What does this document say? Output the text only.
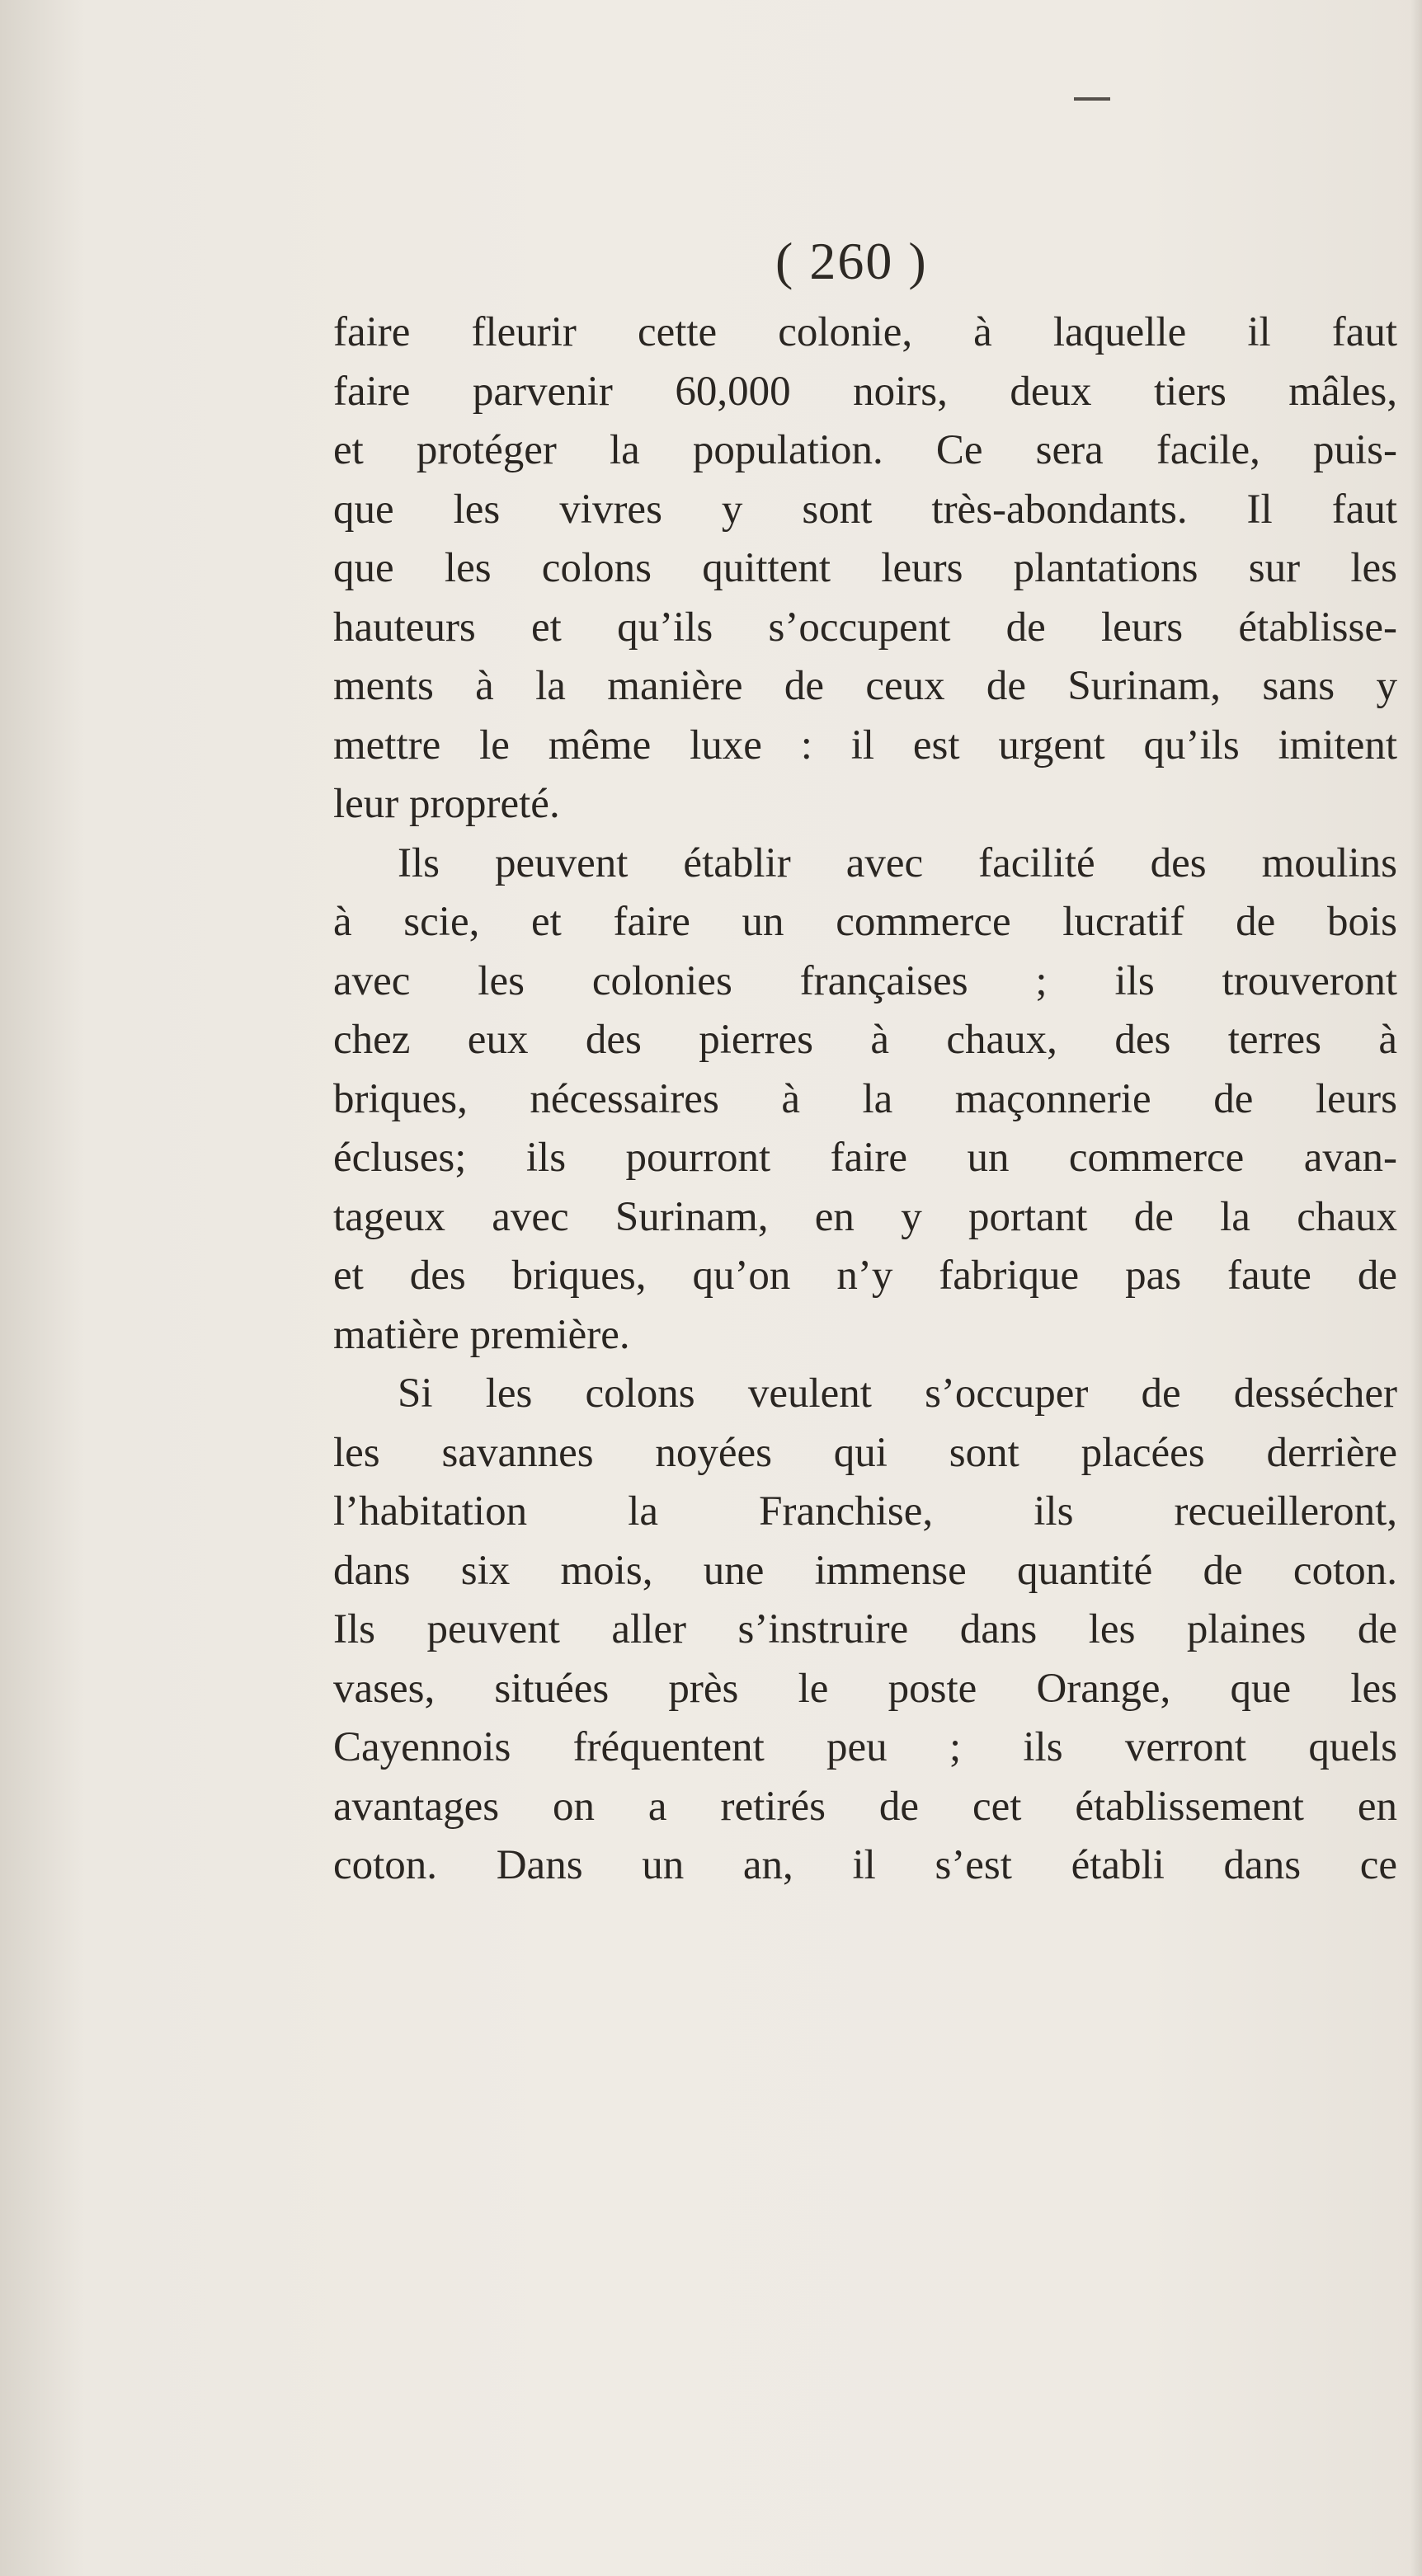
( 260 )
faire fleurir cette colonie, à laquelle il faut
faire parvenir 60,000 noirs, deux tiers mâles,
et protéger la population. Ce sera facile, puis-
que les vivres y sont très-abondants. Il faut
que les colons quittent leurs plantations sur les
hauteurs et qu’ils s’occupent de leurs établisse-
ments à la manière de ceux de Surinam, sans y
mettre le même luxe : il est urgent qu’ils imitent
leur propreté.
Ils peuvent établir avec facilité des moulins
à scie, et faire un commerce lucratif de bois
avec les colonies françaises ; ils trouveront
chez eux des pierres à chaux, des terres à
briques, nécessaires à la maçonnerie de leurs
écluses; ils pourront faire un commerce avan-
tageux avec Surinam, en y portant de la chaux
et des briques, qu’on n’y fabrique pas faute de
matière première.
Si les colons veulent s’occuper de dessécher
les savannes noyées qui sont placées derrière
l’habitation la Franchise, ils recueilleront,
dans six mois, une immense quantité de coton.
Ils peuvent aller s’instruire dans les plaines de
vases, situées près le poste Orange, que les
Cayennois fréquentent peu ; ils verront quels
avantages on a retirés de cet établissement en
coton. Dans un an, il s’est établi dans ce
